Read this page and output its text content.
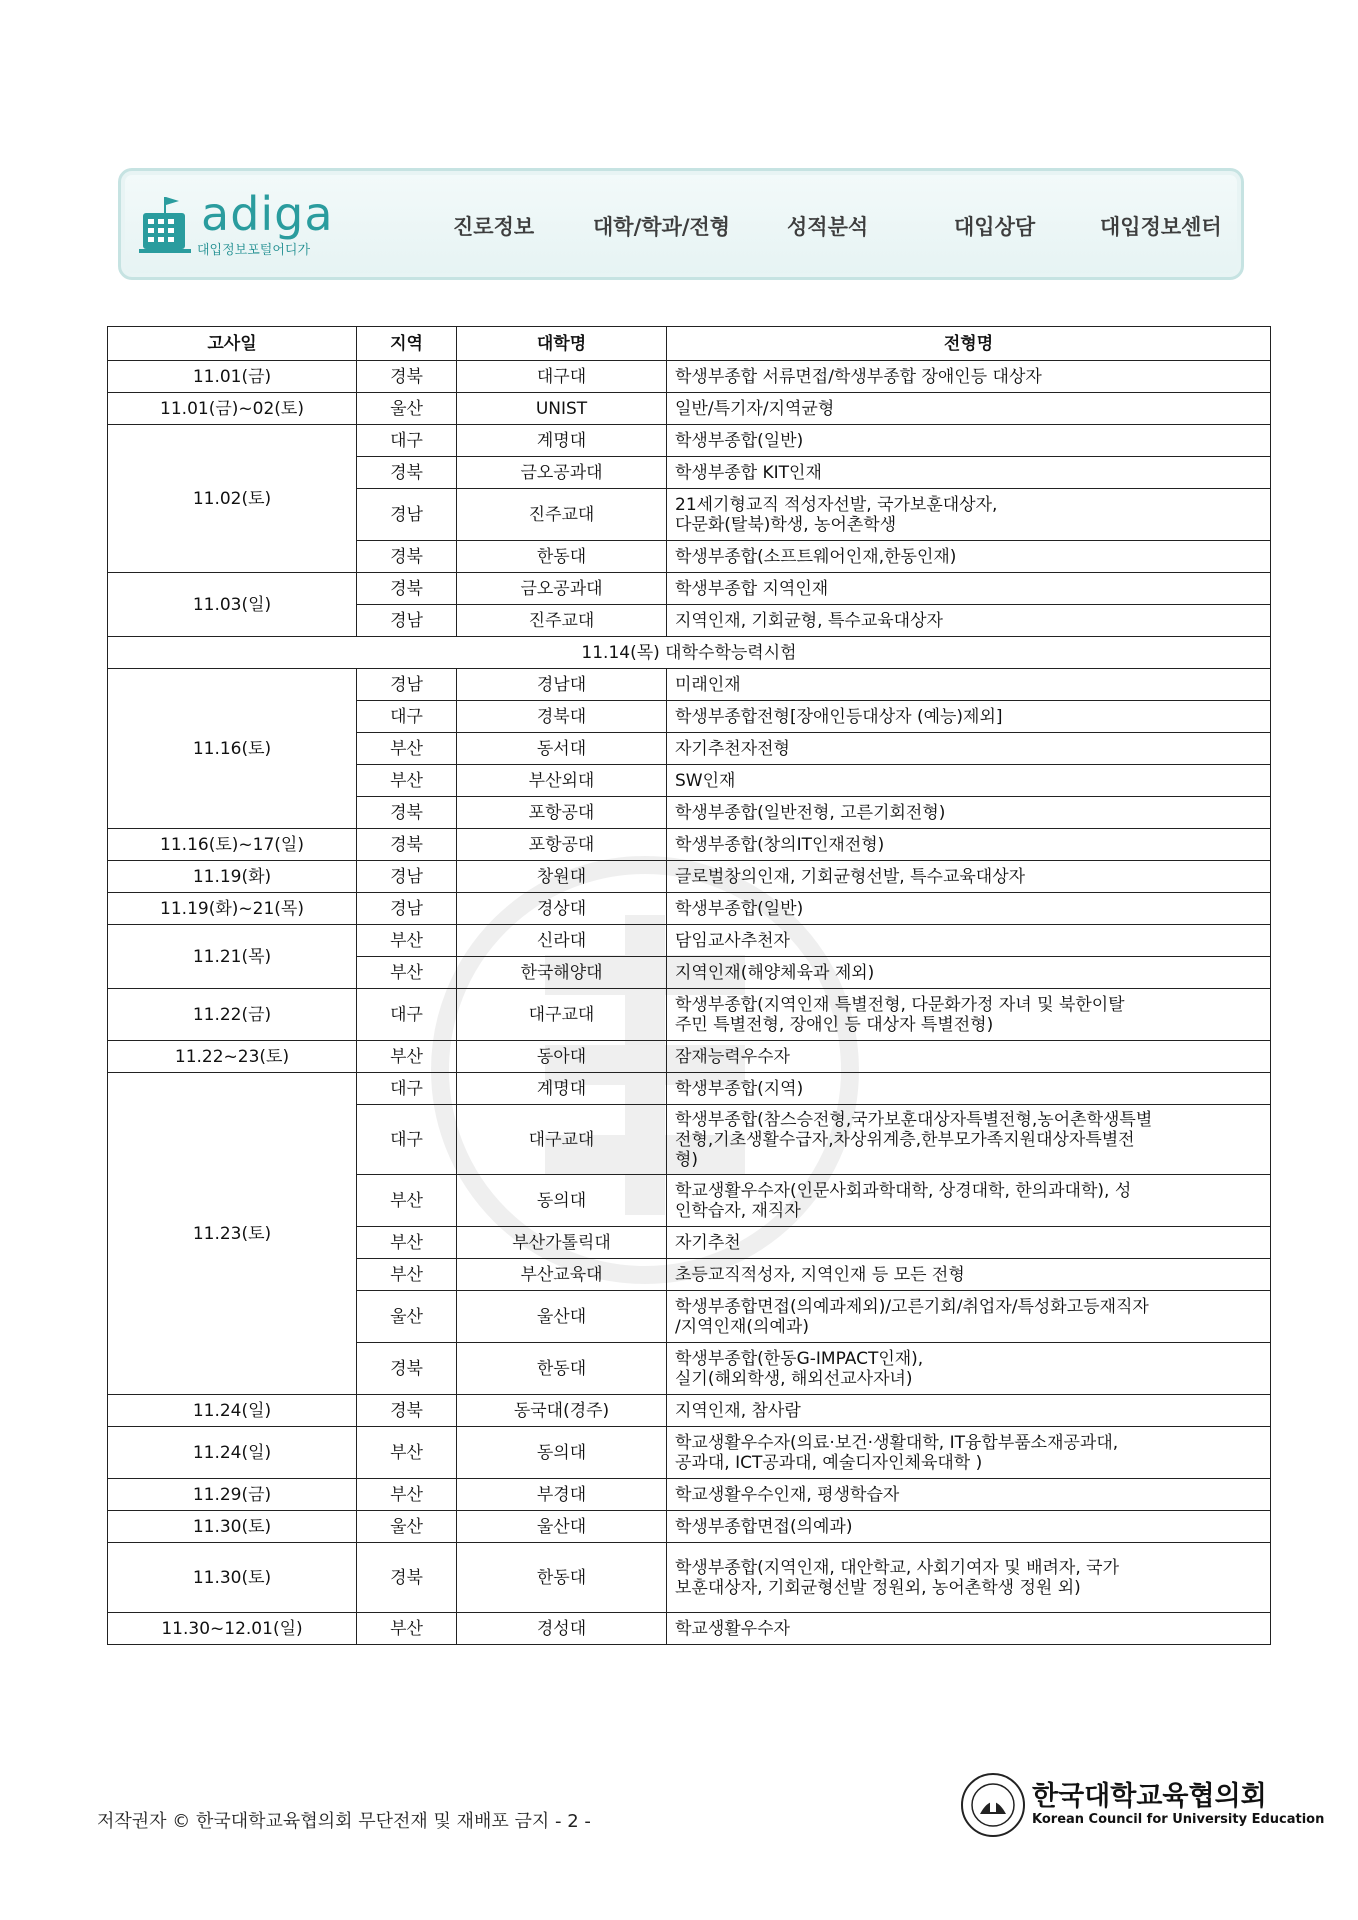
adiga
대입정보포털어디가
진로정보	대학/학과/전형	성적분석	대입상담	대입정보센터
고사일	지역	대학명	전형명
11.01(금)	경북	대구대	학생부종합 서류면접/학생부종합 장애인등 대상자
11.01(금)~02(토)	울산	UNIST	일반/특기자/지역균형
11.02(토)	대구	계명대	학생부종합(일반)
	경북	금오공과대	학생부종합 KIT인재
	경남	진주교대	21세기형교직 적성자선발, 국가보훈대상자,
다문화(탈북)학생, 농어촌학생
	경북	한동대	학생부종합(소프트웨어인재,한동인재)
11.03(일)	경북	금오공과대	학생부종합 지역인재
	경남	진주교대	지역인재, 기회균형, 특수교육대상자
11.14(목) 대학수학능력시험			
11.16(토)	경남	경남대	미래인재
	대구	경북대	학생부종합전형[장애인등대상자 (예능)제외]
	부산	동서대	자기추천자전형
	부산	부산외대	SW인재
	경북	포항공대	학생부종합(일반전형, 고른기회전형)
11.16(토)~17(일)	경북	포항공대	학생부종합(창의IT인재전형)
11.19(화)	경남	창원대	글로벌창의인재, 기회균형선발, 특수교육대상자
11.19(화)~21(목)	경남	경상대	학생부종합(일반)
11.21(목)	부산	신라대	담임교사추천자
	부산	한국해양대	지역인재(해양체육과 제외)
11.22(금)	대구	대구교대	학생부종합(지역인재 특별전형, 다문화가정 자녀 및 북한이탈
주민 특별전형, 장애인 등 대상자 특별전형)
11.22~23(토)	부산	동아대	잠재능력우수자
11.23(토)	대구	계명대	학생부종합(지역)
	대구	대구교대	학생부종합(참스승전형,국가보훈대상자특별전형,농어촌학생특별
전형,기초생활수급자,차상위계층,한부모가족지원대상자특별전
형)
	부산	동의대	학교생활우수자(인문사회과학대학, 상경대학, 한의과대학), 성
인학습자, 재직자
	부산	부산가톨릭대	자기추천
	부산	부산교육대	초등교직적성자, 지역인재 등 모든 전형
	울산	울산대	학생부종합면접(의예과제외)/고른기회/취업자/특성화고등재직자
/지역인재(의예과)
	경북	한동대	학생부종합(한동G-IMPACT인재),
실기(해외학생, 해외선교사자녀)
11.24(일)	경북	동국대(경주)	지역인재, 참사람
11.24(일)	부산	동의대	학교생활우수자(의료·보건·생활대학, IT융합부품소재공과대,
공과대, ICT공과대, 예술디자인체육대학 )
11.29(금)	부산	부경대	학교생활우수인재, 평생학습자
11.30(토)	울산	울산대	학생부종합면접(의예과)
11.30(토)	경북	한동대	학생부종합(지역인재, 대안학교, 사회기여자 및 배려자, 국가
보훈대상자, 기회균형선발 정원외, 농어촌학생 정원 외)
11.30~12.01(일)	부산	경성대	학교생활우수자
저작권자 © 한국대학교육협의회 무단전재 및 재배포 금지 - 2 -
한국대학교육협의회
Korean Council for University Education
